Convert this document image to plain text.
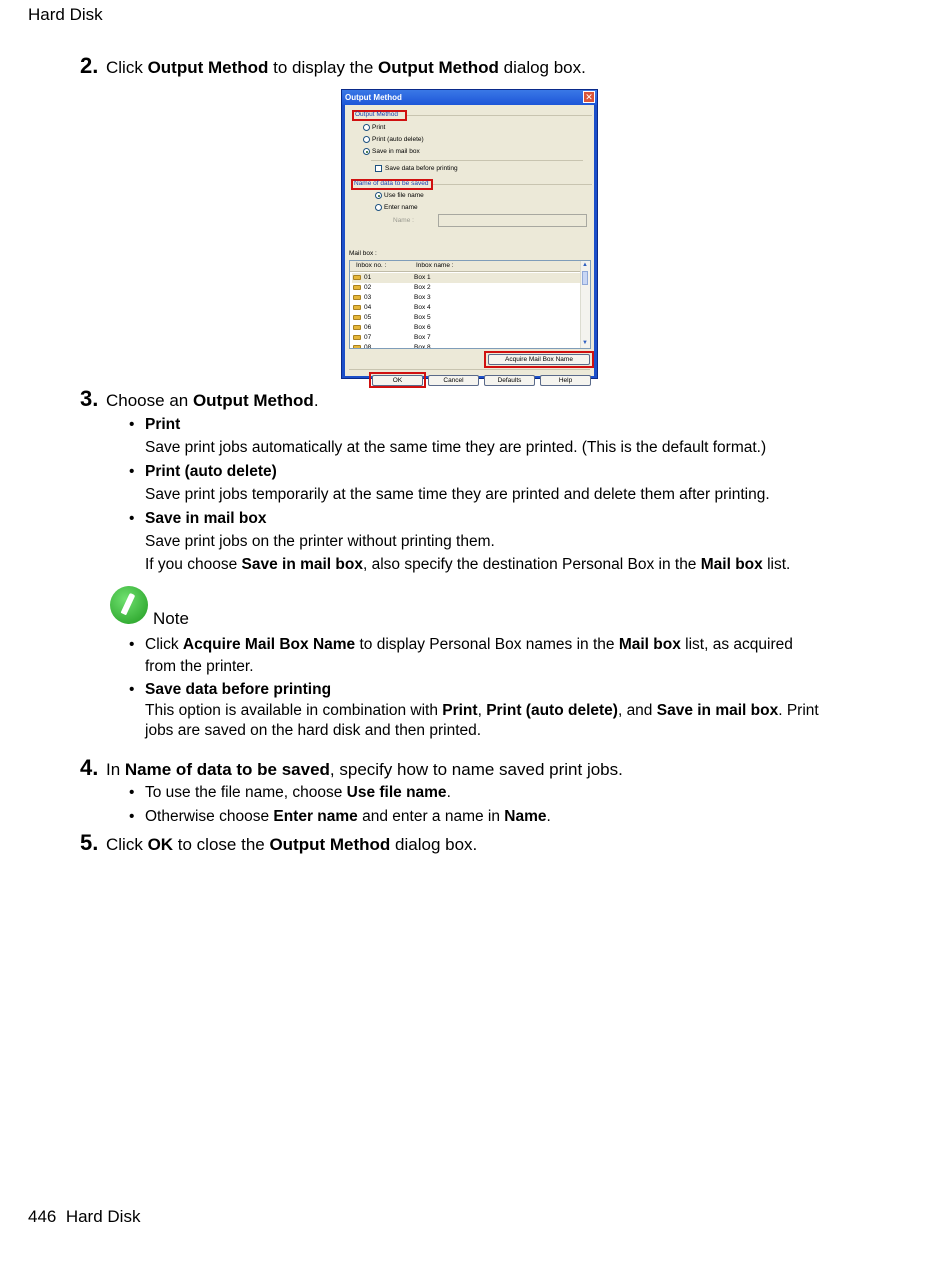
Hard Disk
2. Click Output Method to display the Output Method dialog box.
Output Method	✕
Output Method
Print
Print (auto delete)
Save in mail box
Save data before printing
Name of data to be saved
Use file name
Enter name
Name :
Mail box :
Inbox no. :	Inbox name :
01	Box 1
02	Box 2
03	Box 3
04	Box 4
05	Box 5
06	Box 6
07	Box 7
08	Box 8
▲
▼
Acquire Mail Box Name
OK	Cancel	Defaults	Help
3. Choose an Output Method.
• Print
Save print jobs automatically at the same time they are printed. (This is the default format.)
• Print (auto delete)
Save print jobs temporarily at the same time they are printed and delete them after printing.
• Save in mail box
Save print jobs on the printer without printing them.
If you choose Save in mail box, also specify the destination Personal Box in the Mail box list.
Note
• Click Acquire Mail Box Name to display Personal Box names in the Mail box list, as acquired
from the printer.
• Save data before printing
This option is available in combination with Print, Print (auto delete), and Save in mail box. Print
jobs are saved on the hard disk and then printed.
4. In Name of data to be saved, specify how to name saved print jobs.
• To use the file name, choose Use file name.
• Otherwise choose Enter name and enter a name in Name.
5. Click OK to close the Output Method dialog box.
446 Hard Disk
